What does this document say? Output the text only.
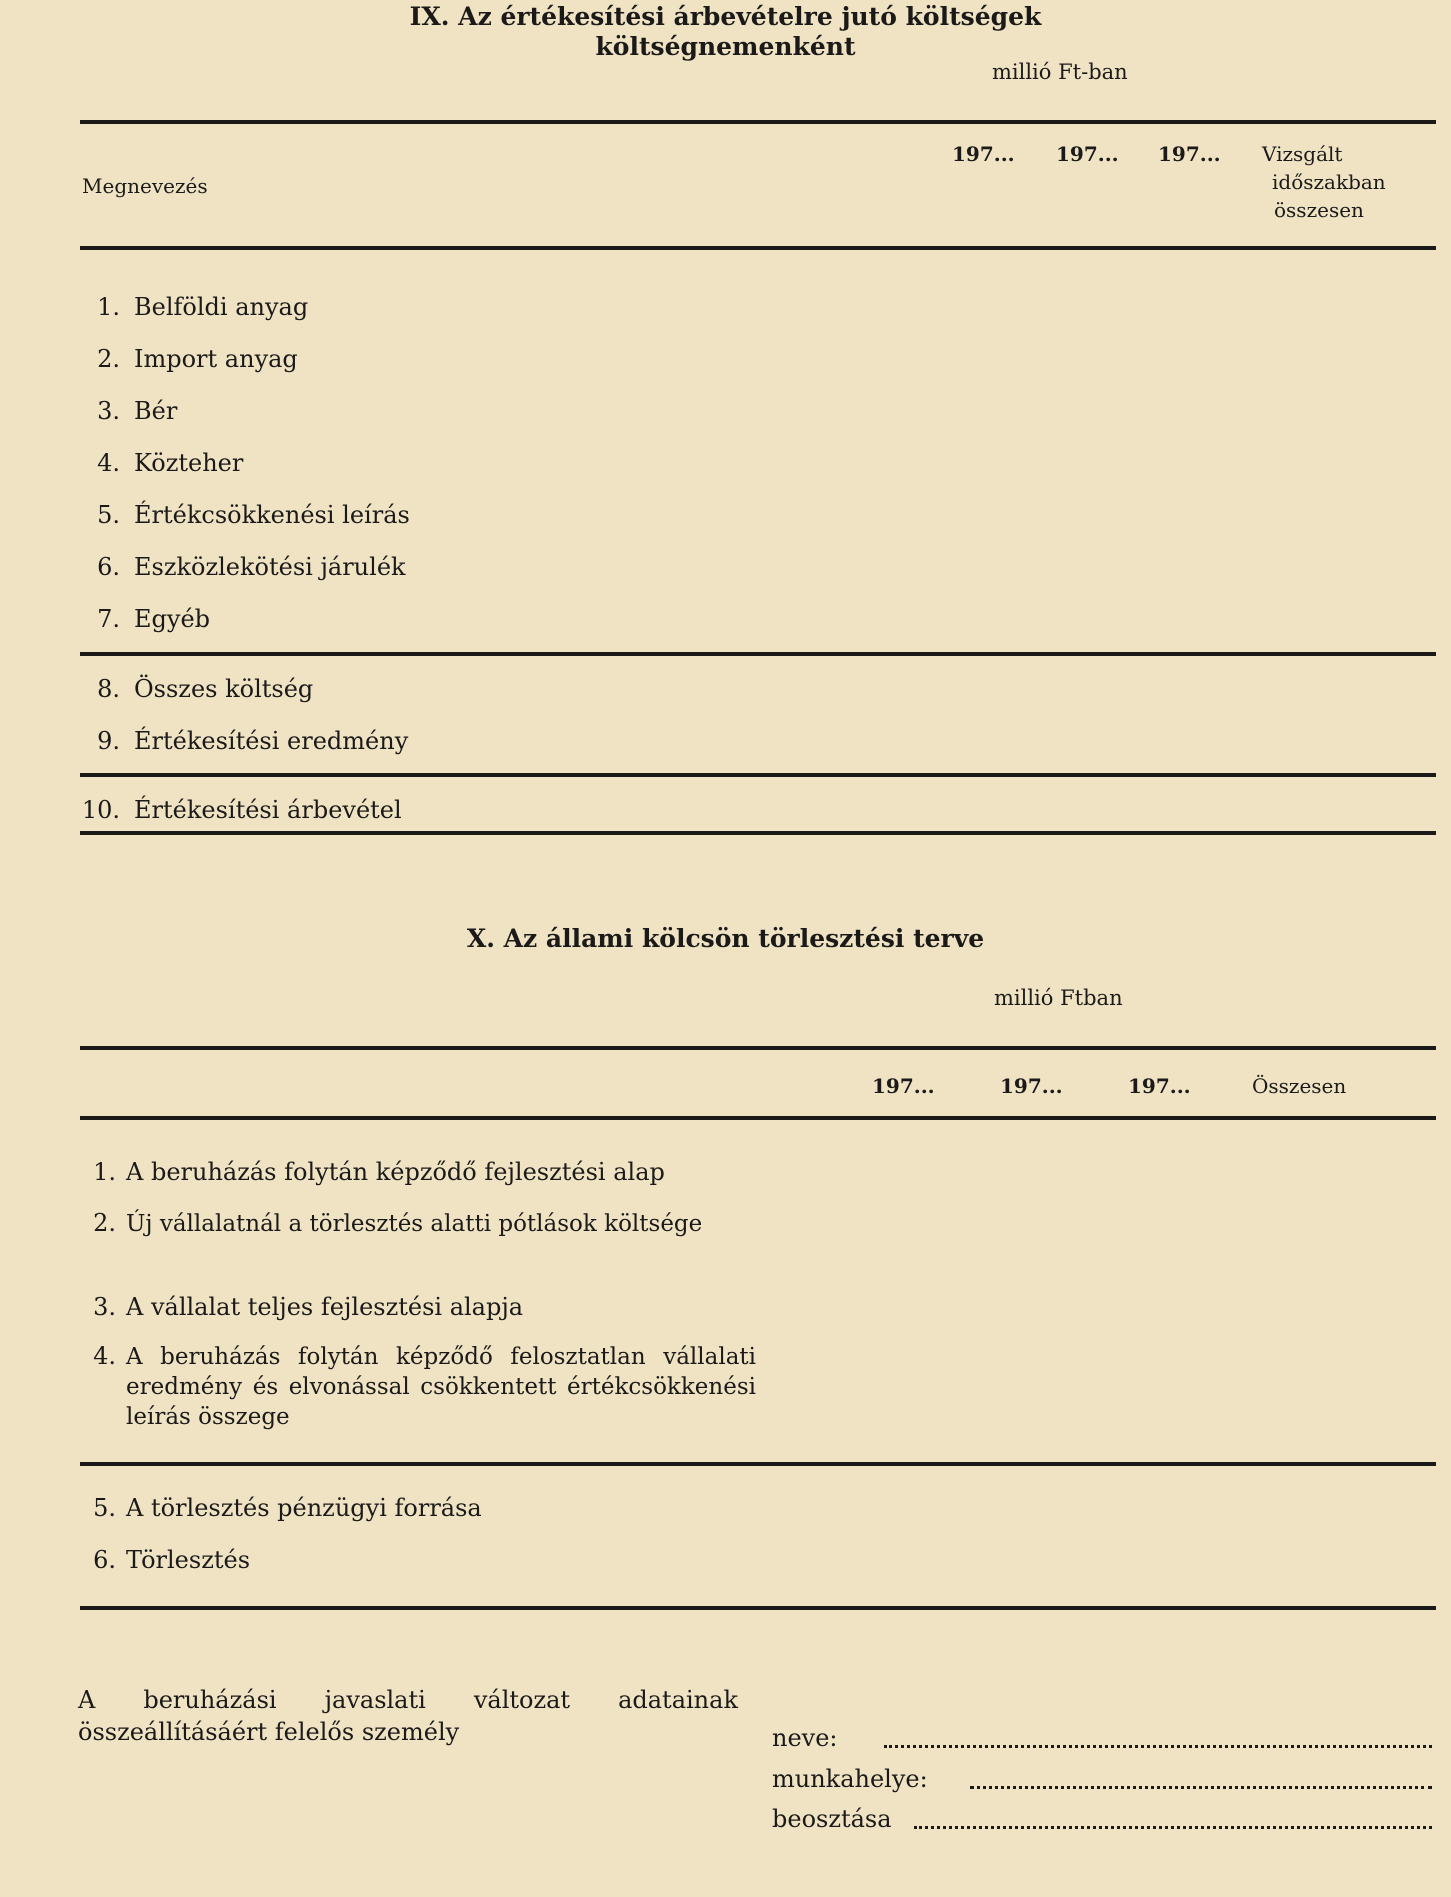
IX. Az értékesítési árbevételre jutó költségek
költségnemenként
millió Ft-ban
Megnevezés
197... 197... 197... Vizsgált
időszakban
összesen
1. Belföldi anyag
2. Import anyag
3. Bér
4. Közteher
5. Értékcsökkenési leírás
6. Eszközlekötési járulék
7. Egyéb
8. Összes költség
9. Értékesítési eredmény
10. Értékesítési árbevétel
X. Az állami kölcsön törlesztési terve
millió Ftban
197...	197...	197...	Összesen
1. A beruházás folytán képződő fejlesztési alap
2. Új vállalatnál a törlesztés alatti pótlások költsége
3. A vállalat teljes fejlesztési alapja
4. A beruházás folytán képződő felosztatlan vállalati eredmény és elvonással csökkentett értékcsökkenési leírás összege
5. A törlesztés pénzügyi forrása
6. Törlesztés
A beruházási javaslati változat adatainak összeállításáért felelős személy	neve:
munkahelye:
beosztása
